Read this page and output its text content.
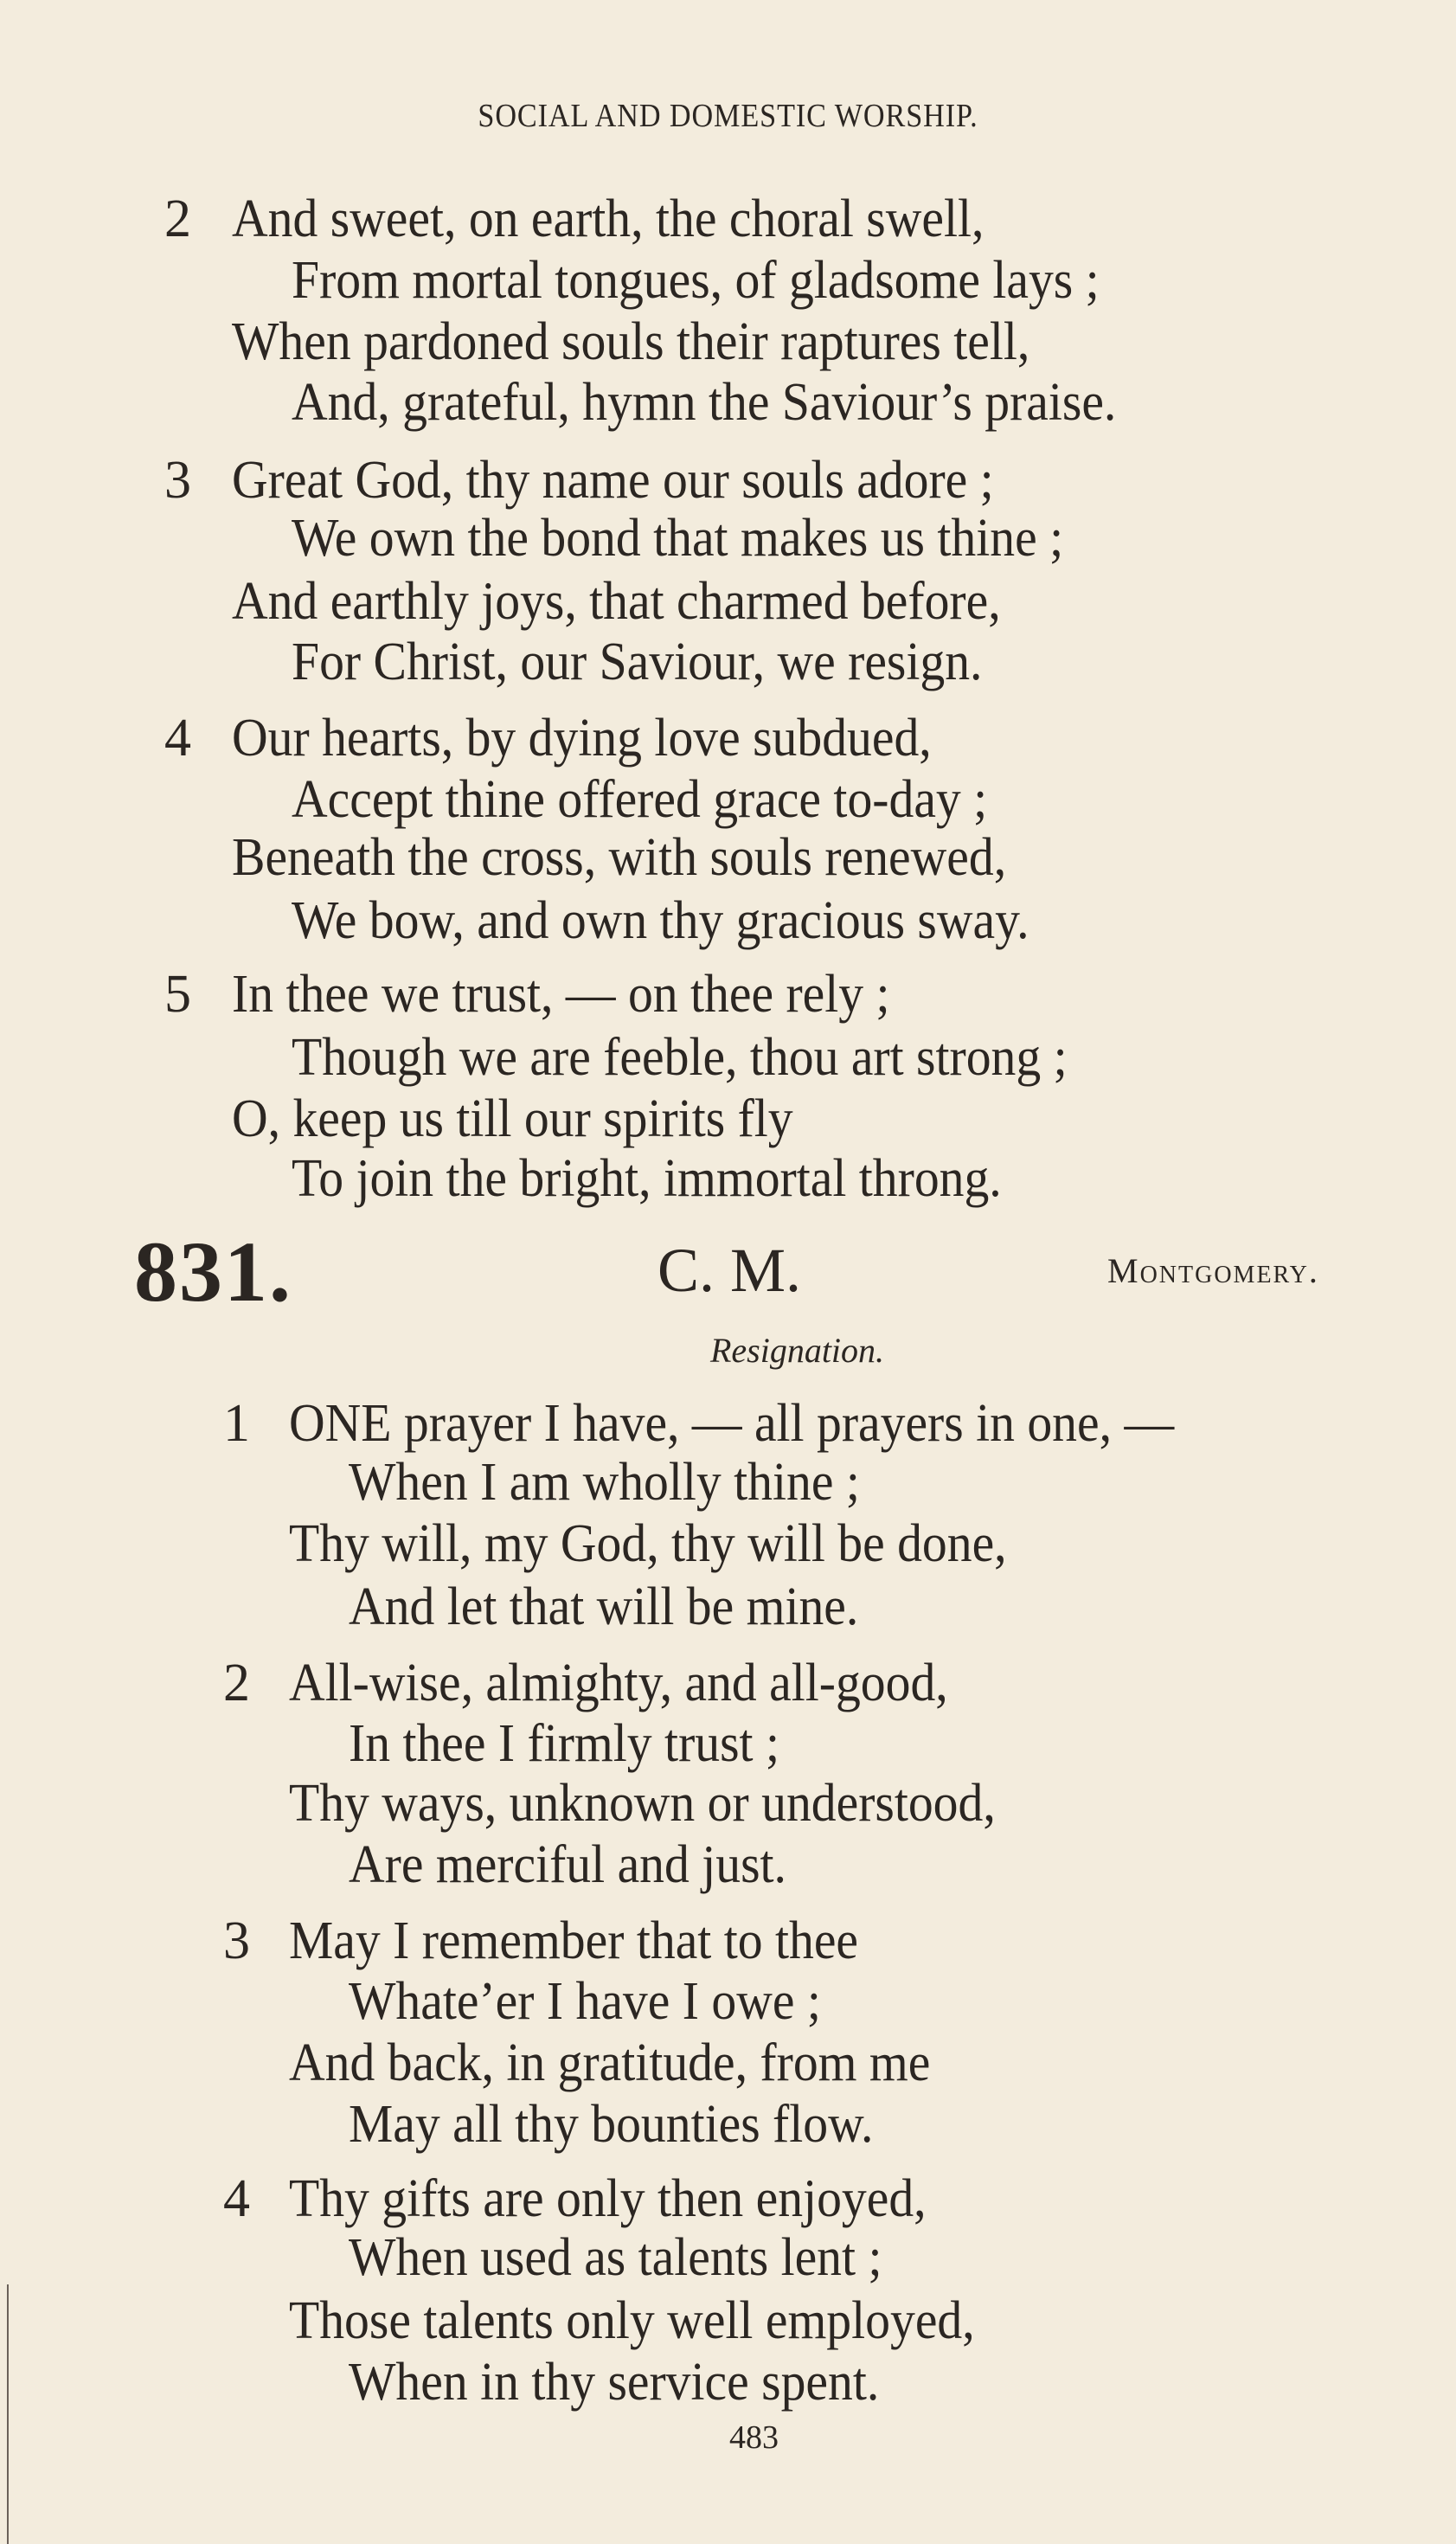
SOCIAL AND DOMESTIC WORSHIP.
2 And sweet, on earth, the choral swell,
From mortal tongues, of gladsome lays ;
When pardoned souls their raptures tell,
And, grateful, hymn the Saviour’s praise.
3 Great God, thy name our souls adore ;
We own the bond that makes us thine ;
And earthly joys, that charmed before,
For Christ, our Saviour, we resign.
4 Our hearts, by dying love subdued,
Accept thine offered grace to-day ;
Beneath the cross, with souls renewed,
We bow, and own thy gracious sway.
5 In thee we trust, — on thee rely ;
Though we are feeble, thou art strong ;
O, keep us till our spirits fly
To join the bright, immortal throng.
831.	C. M.	Montgomery.
Resignation.
1 ONE prayer I have, — all prayers in one, —
When I am wholly thine ;
Thy will, my God, thy will be done,
And let that will be mine.
2 All-wise, almighty, and all-good,
In thee I firmly trust ;
Thy ways, unknown or understood,
Are merciful and just.
3 May I remember that to thee
Whate’er I have I owe ;
And back, in gratitude, from me
May all thy bounties flow.
4 Thy gifts are only then enjoyed,
When used as talents lent ;
Those talents only well employed,
When in thy service spent.
483
